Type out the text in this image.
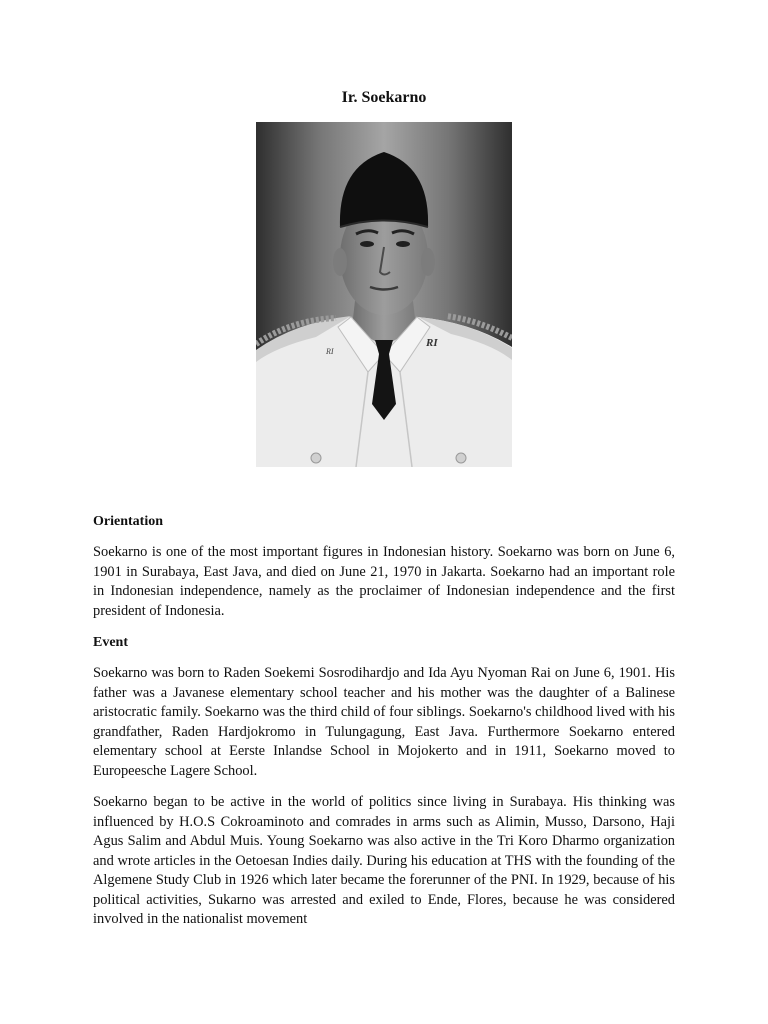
Ir. Soekarno
RI
RI
Orientation

Soekarno is one of the most important figures in Indonesian history. Soekarno was born on June 6, 1901 in Surabaya, East Java, and died on June 21, 1970 in Jakarta. Soekarno had an important role in Indonesian independence, namely as the proclaimer of Indonesian independence and the first president of Indonesia.

Event

Soekarno was born to Raden Soekemi Sosrodihardjo and Ida Ayu Nyoman Rai on June 6, 1901. His father was a Javanese elementary school teacher and his mother was the daughter of a Balinese aristocratic family. Soekarno was the third child of four siblings. Soekarno's childhood lived with his grandfather, Raden Hardjokromo in Tulungagung, East Java. Furthermore Soekarno entered elementary school at Eerste Inlandse School in Mojokerto and in 1911, Soekarno moved to Europeesche Lagere School.

Soekarno began to be active in the world of politics since living in Surabaya. His thinking was influenced by H.O.S Cokroaminoto and comrades in arms such as Alimin, Musso, Darsono, Haji Agus Salim and Abdul Muis. Young Soekarno was also active in the Tri Koro Dharmo organization and wrote articles in the Oetoesan Indies daily. During his education at THS with the founding of the Algemene Study Club in 1926 which later became the forerunner of the PNI. In 1929, because of his political activities, Sukarno was arrested and exiled to Ende, Flores, because he was considered involved in the nationalist movement
